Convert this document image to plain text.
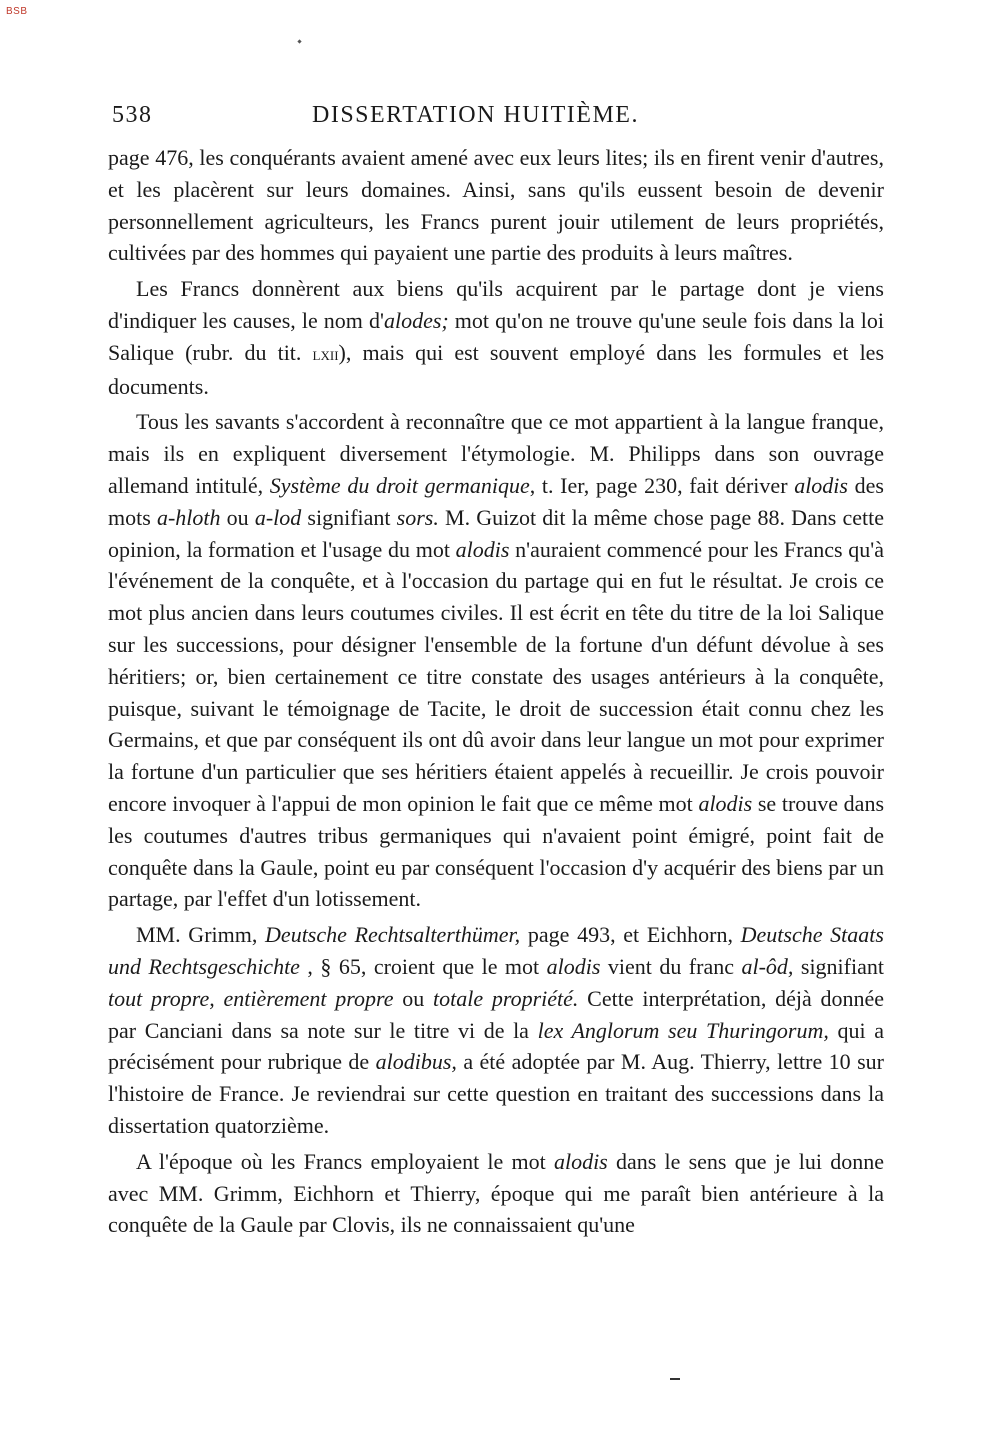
BSB
538	DISSERTATION HUITIÈME.

page 476, les conquérants avaient amené avec eux leurs lites; ils en firent venir d'autres, et les placèrent sur leurs domaines. Ainsi, sans qu'ils eussent besoin de devenir personnellement agriculteurs, les Francs purent jouir utilement de leurs propriétés, cultivées par des hommes qui payaient une partie des produits à leurs maîtres.

Les Francs donnèrent aux biens qu'ils acquirent par le partage dont je viens d'indiquer les causes, le nom d'alodes; mot qu'on ne trouve qu'une seule fois dans la loi Salique (rubr. du tit. lxii), mais qui est souvent employé dans les formules et les documents.

Tous les savants s'accordent à reconnaître que ce mot appartient à la langue franque, mais ils en expliquent diversement l'étymologie. M. Philipps dans son ouvrage allemand intitulé, Système du droit germanique, t. Ier, page 230, fait dériver alodis des mots a-hloth ou a-lod signifiant sors. M. Guizot dit la même chose page 88. Dans cette opinion, la formation et l'usage du mot alodis n'auraient commencé pour les Francs qu'à l'événement de la conquête, et à l'occasion du partage qui en fut le résultat. Je crois ce mot plus ancien dans leurs coutumes civiles. Il est écrit en tête du titre de la loi Salique sur les successions, pour désigner l'ensemble de la fortune d'un défunt dévolue à ses héritiers; or, bien certainement ce titre constate des usages antérieurs à la conquête, puisque, suivant le témoignage de Tacite, le droit de succession était connu chez les Germains, et que par conséquent ils ont dû avoir dans leur langue un mot pour exprimer la fortune d'un particulier que ses héritiers étaient appelés à recueillir. Je crois pouvoir encore invoquer à l'appui de mon opinion le fait que ce même mot alodis se trouve dans les coutumes d'autres tribus germaniques qui n'avaient point émigré, point fait de conquête dans la Gaule, point eu par conséquent l'occasion d'y acquérir des biens par un partage, par l'effet d'un lotissement.

MM. Grimm, Deutsche Rechtsalterthümer, page 493, et Eichhorn, Deutsche Staats und Rechtsgeschichte , § 65, croient que le mot alodis vient du franc al-ôd, signifiant tout propre, entièrement propre ou totale propriété. Cette interprétation, déjà donnée par Canciani dans sa note sur le titre vi de la lex Anglorum seu Thuringorum, qui a précisément pour rubrique de alodibus, a été adoptée par M. Aug. Thierry, lettre 10 sur l'histoire de France. Je reviendrai sur cette question en traitant des successions dans la dissertation quatorzième.

A l'époque où les Francs employaient le mot alodis dans le sens que je lui donne avec MM. Grimm, Eichhorn et Thierry, époque qui me paraît bien antérieure à la conquête de la Gaule par Clovis, ils ne connaissaient qu'une
